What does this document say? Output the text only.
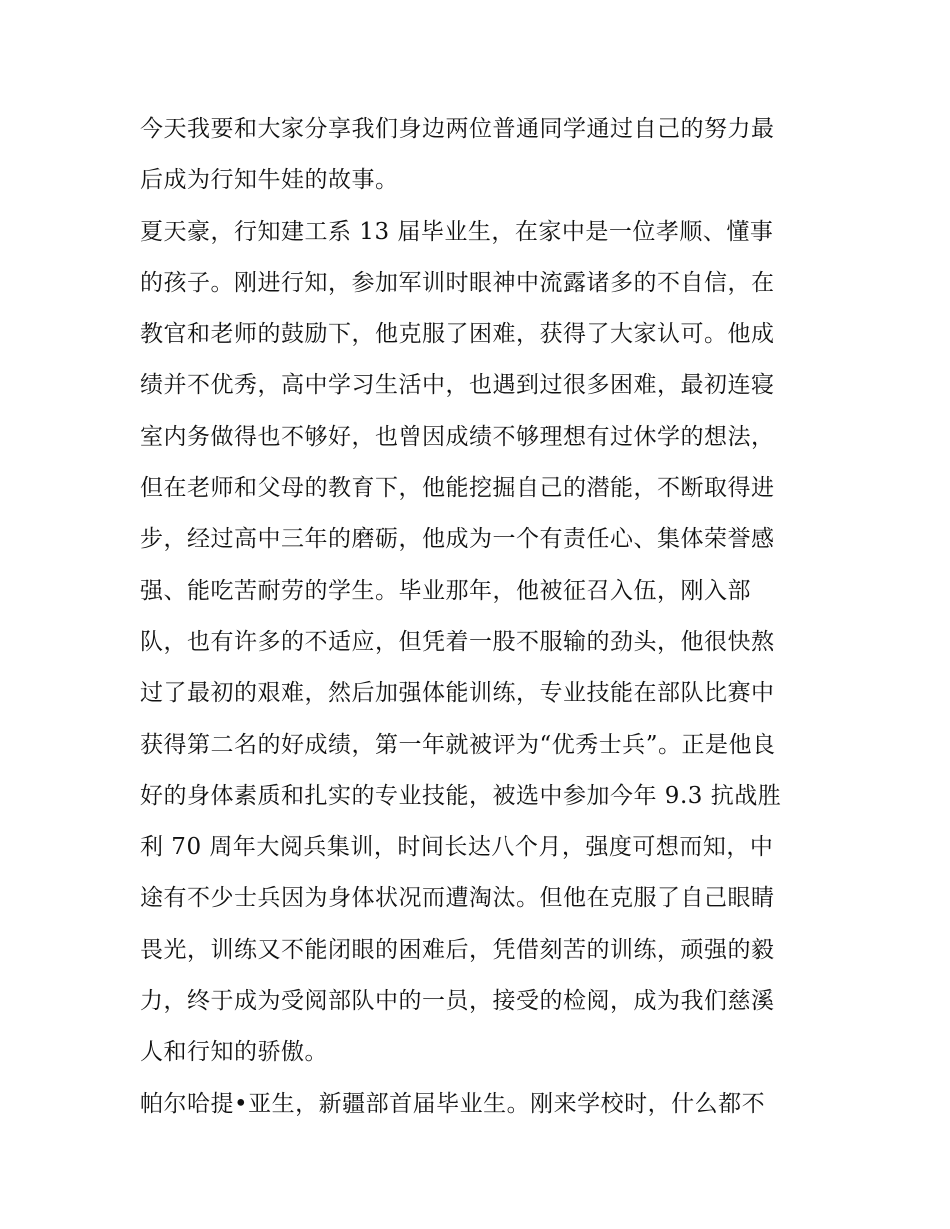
今天我要和大家分享我们身边两位普通同学通过自己的努力最
后成为行知牛娃的故事。
夏天豪，行知建工系 13 届毕业生，在家中是一位孝顺、懂事
的孩子。刚进行知，参加军训时眼神中流露诸多的不自信，在
教官和老师的鼓励下，他克服了困难，获得了大家认可。他成
绩并不优秀，高中学习生活中，也遇到过很多困难，最初连寝
室内务做得也不够好，也曾因成绩不够理想有过休学的想法，
但在老师和父母的教育下，他能挖掘自己的潜能，不断取得进
步，经过高中三年的磨砺，他成为一个有责任心、集体荣誉感
强、能吃苦耐劳的学生。毕业那年，他被征召入伍，刚入部
队，也有许多的不适应，但凭着一股不服输的劲头，他很快熬
过了最初的艰难，然后加强体能训练，专业技能在部队比赛中
获得第二名的好成绩，第一年就被评为“优秀士兵”。正是他良
好的身体素质和扎实的专业技能，被选中参加今年 9.3 抗战胜
利 70 周年大阅兵集训，时间长达八个月，强度可想而知，中
途有不少士兵因为身体状况而遭淘汰。但他在克服了自己眼睛
畏光，训练又不能闭眼的困难后，凭借刻苦的训练，顽强的毅
力，终于成为受阅部队中的一员，接受的检阅，成为我们慈溪
人和行知的骄傲。
帕尔哈提•亚生，新疆部首届毕业生。刚来学校时，什么都不
